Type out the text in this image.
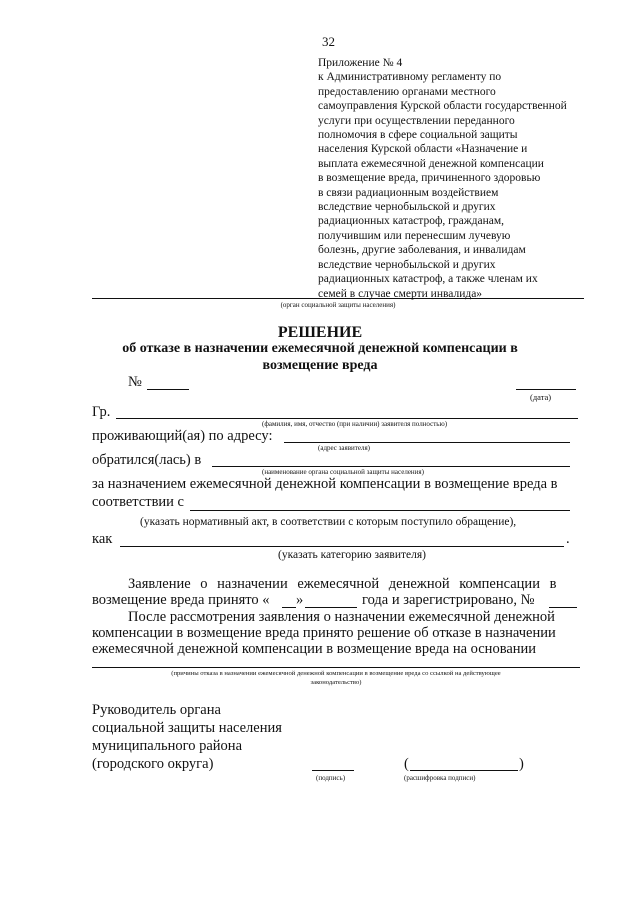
32
Приложение № 4
к Административному регламенту по
предоставлению органами местного
самоуправления Курской области государственной
услуги при осуществлении переданного
полномочия в сфере социальной защиты
населения Курской области «Назначение и
выплата ежемесячной денежной компенсации
в возмещение вреда, причиненного здоровью
в связи радиационным воздействием
вследствие чернобыльской и других
радиационных катастроф, гражданам,
получившим или перенесшим лучевую
болезнь, другие заболевания, и инвалидам
вследствие чернобыльской и других
радиационных катастроф, а также членам их
семей в случае смерти инвалида»
(орган социальной защиты населения)
РЕШЕНИЕ
об отказе в назначении ежемесячной денежной компенсации в
возмещение вреда
№
(дата)
Гр.
(фамилия, имя, отчество (при наличии) заявителя полностью)
проживающий(ая) по адресу:
(адрес заявителя)
обратился(лась) в
(наименование органа социальной защиты населения)
за назначением ежемесячной денежной компенсации в возмещение вреда в
соответствии с
(указать нормативный акт, в соответствии с которым поступило обращение),
как	.
(указать категорию заявителя)
Заявление о назначении ежемесячной денежной компенсации в
возмещение вреда принято « »	года и зарегистрировано, №
После рассмотрения заявления о назначении ежемесячной денежной
компенсации в возмещение вреда принято решение об отказе в назначении
ежемесячной денежной компенсации в возмещение вреда на основании
(причины отказа в назначении ежемесячной денежной компенсации в возмещение вреда со ссылкой на действующее
законодательство)
Руководитель органа
социальной защиты населения
муниципального района
(городского округа)
(подпись)
(	)
(расшифровка подписи)
